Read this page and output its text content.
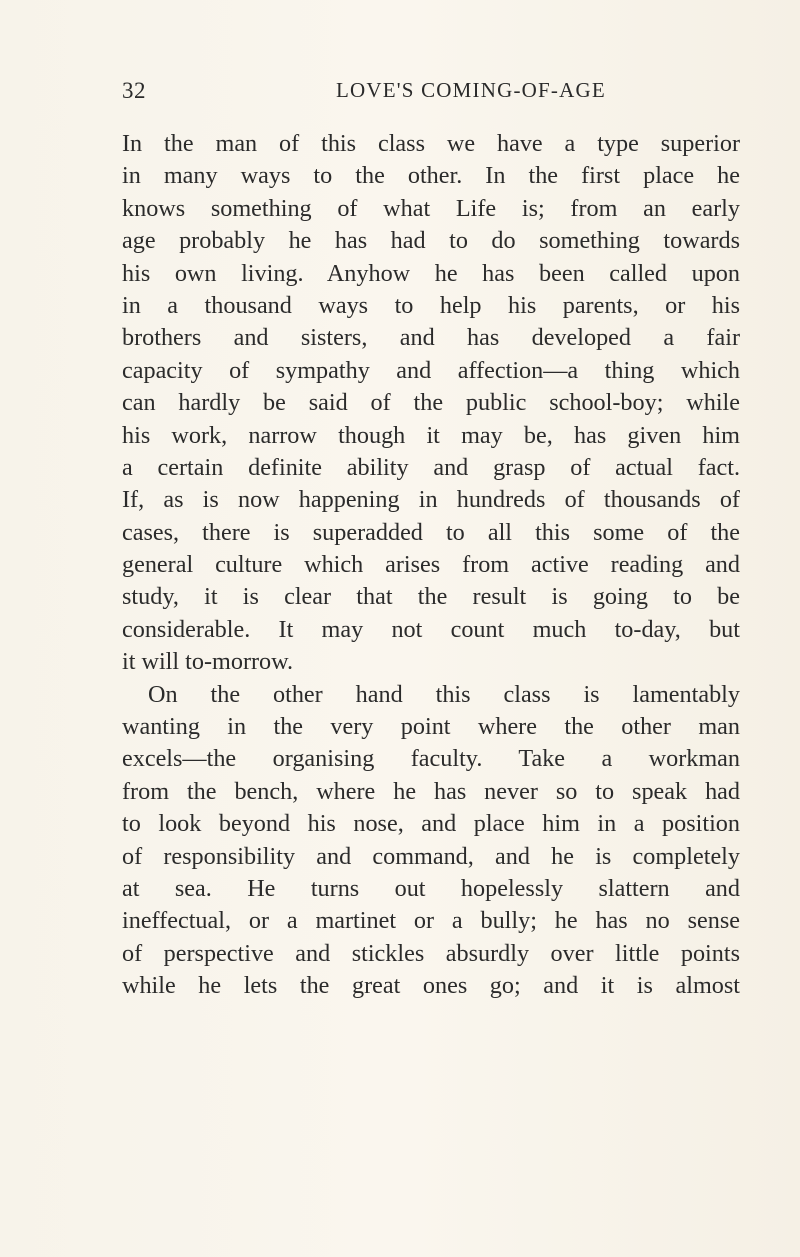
32	LOVE'S COMING-OF-AGE
In the man of this class we have a type superior
in many ways to the other. In the first place he
knows something of what Life is; from an early
age probably he has had to do something towards
his own living. Anyhow he has been called upon
in a thousand ways to help his parents, or his
brothers and sisters, and has developed a fair
capacity of sympathy and affection—a thing which
can hardly be said of the public school-boy; while
his work, narrow though it may be, has given him
a certain definite ability and grasp of actual fact.
If, as is now happening in hundreds of thousands of
cases, there is superadded to all this some of the
general culture which arises from active reading and
study, it is clear that the result is going to be
considerable. It may not count much to-day, but
it will to-morrow.
On the other hand this class is lamentably
wanting in the very point where the other man
excels—the organising faculty. Take a workman
from the bench, where he has never so to speak had
to look beyond his nose, and place him in a position
of responsibility and command, and he is completely
at sea. He turns out hopelessly slattern and
ineffectual, or a martinet or a bully; he has no sense
of perspective and stickles absurdly over little points
while he lets the great ones go; and it is almost
